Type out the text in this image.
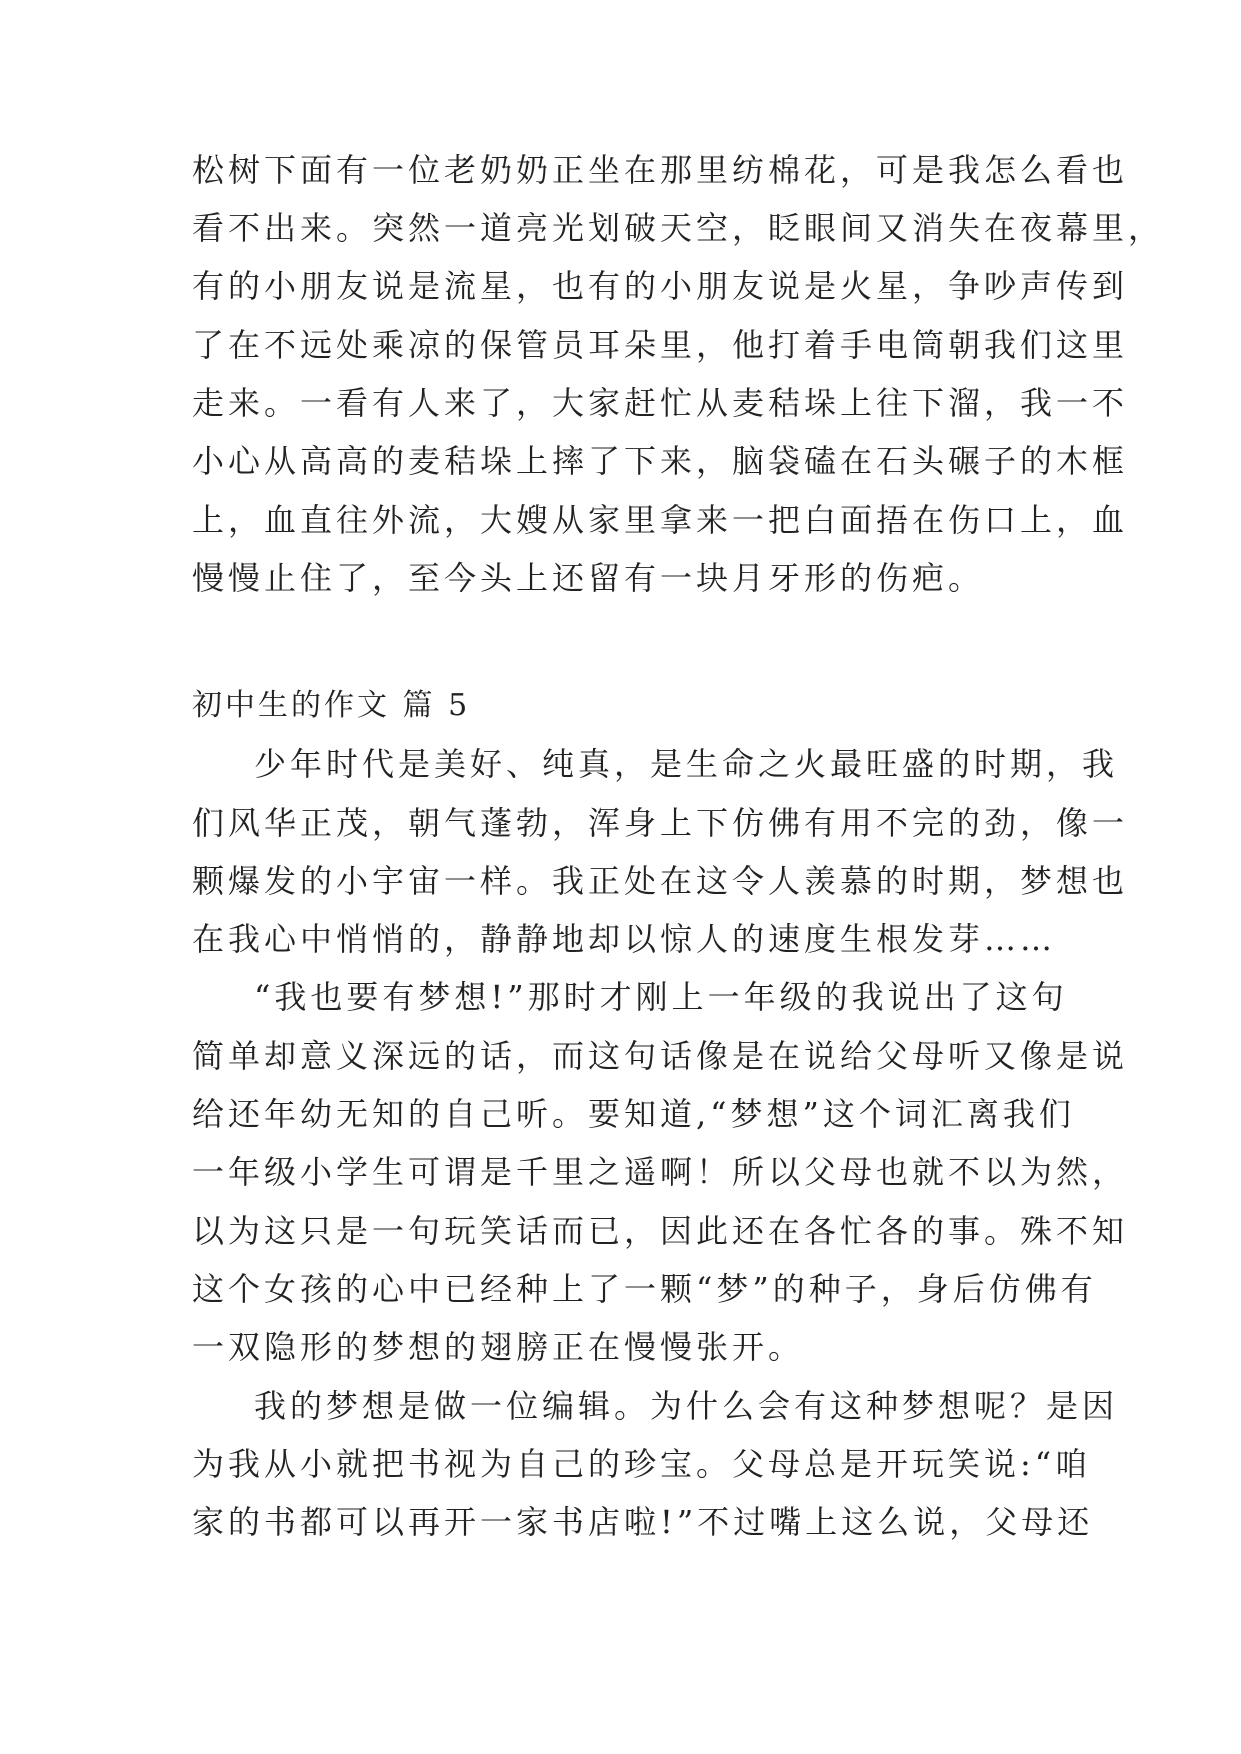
松树下面有一位老奶奶正坐在那里纺棉花，可是我怎么看也
看不出来。突然一道亮光划破天空，眨眼间又消失在夜幕里，
有的小朋友说是流星，也有的小朋友说是火星，争吵声传到
了在不远处乘凉的保管员耳朵里，他打着手电筒朝我们这里
走来。一看有人来了，大家赶忙从麦秸垛上往下溜，我一不
小心从高高的麦秸垛上摔了下来，脑袋磕在石头碾子的木框
上，血直往外流，大嫂从家里拿来一把白面捂在伤口上，血
慢慢止住了，至今头上还留有一块月牙形的伤疤。
初中生的作文 篇 5
少年时代是美好、纯真，是生命之火最旺盛的时期，我
们风华正茂，朝气蓬勃，浑身上下仿佛有用不完的劲，像一
颗爆发的小宇宙一样。我正处在这令人羡慕的时期，梦想也
在我心中悄悄的，静静地却以惊人的速度生根发芽……
“我也要有梦想!”那时才刚上一年级的我说出了这句
简单却意义深远的话，而这句话像是在说给父母听又像是说
给还年幼无知的自己听。要知道,“梦想”这个词汇离我们
一年级小学生可谓是千里之遥啊！所以父母也就不以为然，
以为这只是一句玩笑话而已，因此还在各忙各的事。殊不知
这个女孩的心中已经种上了一颗“梦”的种子，身后仿佛有
一双隐形的梦想的翅膀正在慢慢张开。
我的梦想是做一位编辑。为什么会有这种梦想呢？是因
为我从小就把书视为自己的珍宝。父母总是开玩笑说:“咱
家的书都可以再开一家书店啦!”不过嘴上这么说，父母还
